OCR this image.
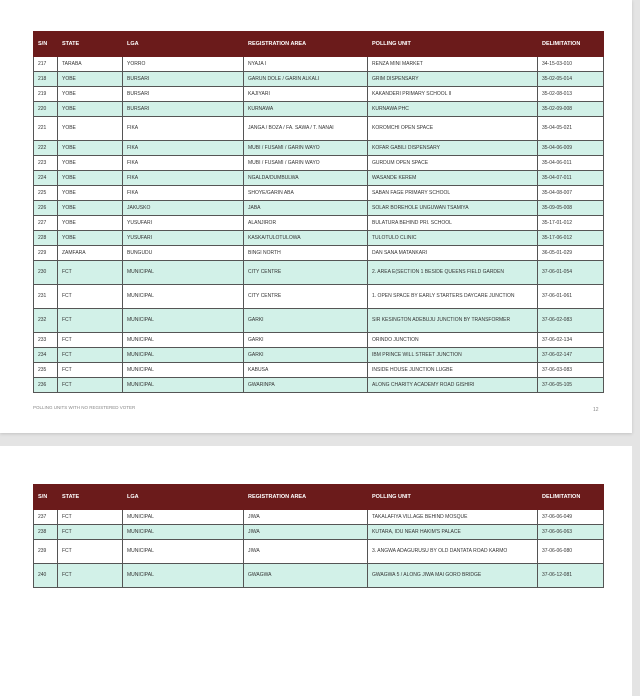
S/N	STATE	LGA	REGISTRATION AREA	POLLING UNIT	DELIMITATION
217	TARABA	YORRO	NYAJA I	RENZA MINI MARKET	34-15-03-010
218	YOBE	BURSARI	GARUN DOLE / GARIN ALKALI	GRIM DISPENSARY	35-02-05-014
219	YOBE	BURSARI	KAJIYARI	KAKANDERI PRIMARY SCHOOL II	35-02-08-013
220	YOBE	BURSARI	KURNAWA	KURNAWA PHC	35-02-09-008
221	YOBE	FIKA	JANGA / BOZA / FA. SAWA / T. NANAI	KOROMCHI OPEN SPACE	35-04-05-021
222	YOBE	FIKA	MUBI / FUSAMI / GARIN WAYO	KOFAR GABILI DISPENSARY	35-04-06-009
223	YOBE	FIKA	MUBI / FUSAMI / GARIN WAYO	GURDUM OPEN SPACE	35-04-06-011
224	YOBE	FIKA	NGALDA/DUMBULWA	WASANDE KEREM	35-04-07-011
225	YOBE	FIKA	SHOYE/GARIN ABA	SABAN FAGE PRIMARY SCHOOL	35-04-08-007
226	YOBE	JAKUSKO	JABA	SOLAR BOREHOLE UNGUWAN TSAMIYA	35-09-05-008
227	YOBE	YUSUFARI	ALANJIROR	BULATURA BEHIND PRI. SCHOOL	35-17-01-012
228	YOBE	YUSUFARI	KASKA/TULOTULOWA	TULOTULO CLINIC	35-17-06-012
229	ZAMFARA	BUNGUDU	BINGI NORTH	DAN SANA MATANKARI	36-05-01-029
230	FCT	MUNICIPAL	CITY CENTRE	2. AREA E(SECTION 1 BESIDE QUEENS FIELD GARDEN	37-06-01-054
231	FCT	MUNICIPAL	CITY CENTRE	1. OPEN SPACE BY EARLY STARTERS DAYCARE JUNCTION	37-06-01-061
232	FCT	MUNICIPAL	GARKI	SIR KESINGTON ADEBUJU JUNCTION BY TRANSFORMER	37-06-02-083
233	FCT	MUNICIPAL	GARKI	ORINDO JUNCTION	37-06-02-134
234	FCT	MUNICIPAL	GARKI	IBM PRINCE WILL STREET JUNCTION	37-06-02-147
235	FCT	MUNICIPAL	KABUSA	INSIDE HOUSE JUNCTION LUGBE	37-06-03-083
236	FCT	MUNICIPAL	GWARINPA	ALONG CHARITY ACADEMY ROAD GISHIRI	37-06-05-105
POLLING UNITS WITH NO REGISTERED VOTER	12
S/N	STATE	LGA	REGISTRATION AREA	POLLING UNIT	DELIMITATION
237	FCT	MUNICIPAL	JIWA	TAKALAFIYA VILLAGE BEHIND MOSQUE	37-06-06-049
238	FCT	MUNICIPAL	JIWA	KUTARA, IDU NEAR HAKIM'S PALACE	37-06-06-063
239	FCT	MUNICIPAL	JIWA	3. ANGWA ADAGURUSU BY OLD DANTATA ROAD KARMO	37-06-06-080
240	FCT	MUNICIPAL	GWAGWA	GWAGWA 5 / ALONG JIWA MAI GORO BRIDGE	37-06-12-081
